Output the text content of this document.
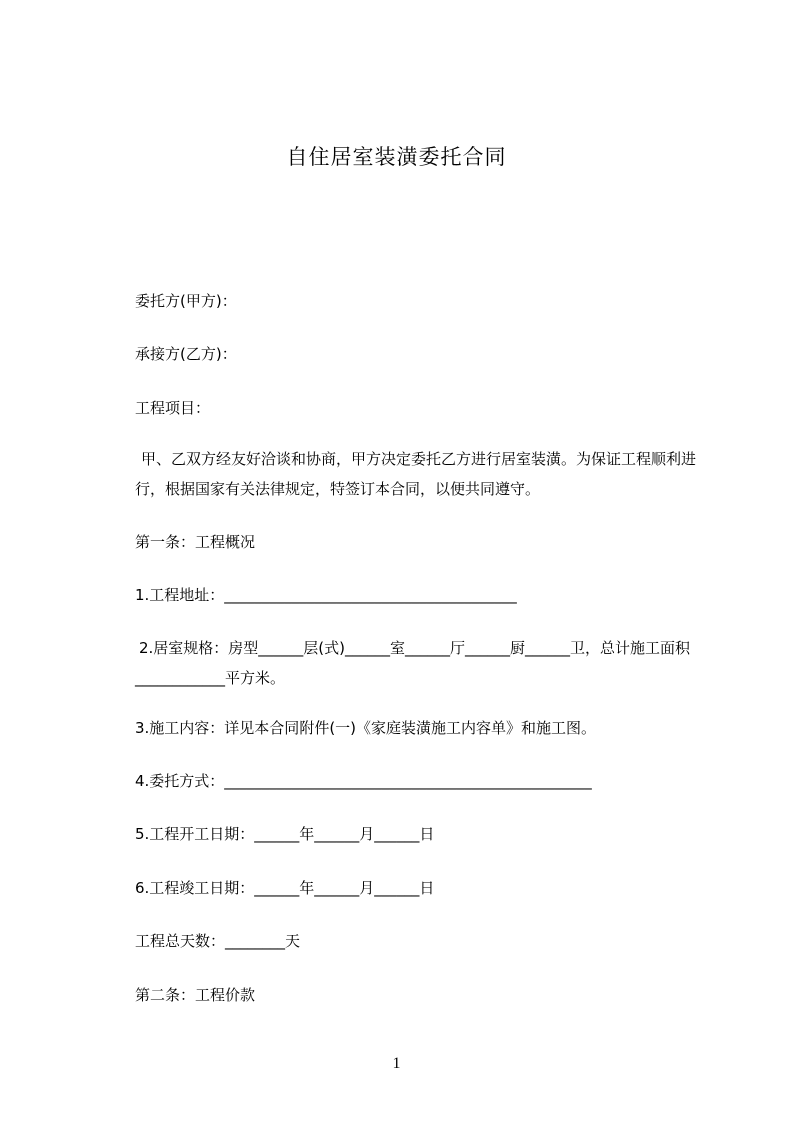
自住居室装潢委托合同
委托方(甲方)：
承接方(乙方)：
工程项目：
甲、乙双方经友好洽谈和协商，甲方决定委托乙方进行居室装潢。为保证工程顺利进行，根据国家有关法律规定，特签订本合同，以便共同遵守。
第一条：工程概况
1.工程地址：_______________________________________
2.居室规格：房型______层(式)______室______厅______厨______卫，总计施工面积____________平方米。
3.施工内容：详见本合同附件(一)《家庭装潢施工内容单》和施工图。
4.委托方式：_________________________________________________
5.工程开工日期：______年______月______日
6.工程竣工日期：______年______月______日
工程总天数：________天
第二条：工程价款
1
